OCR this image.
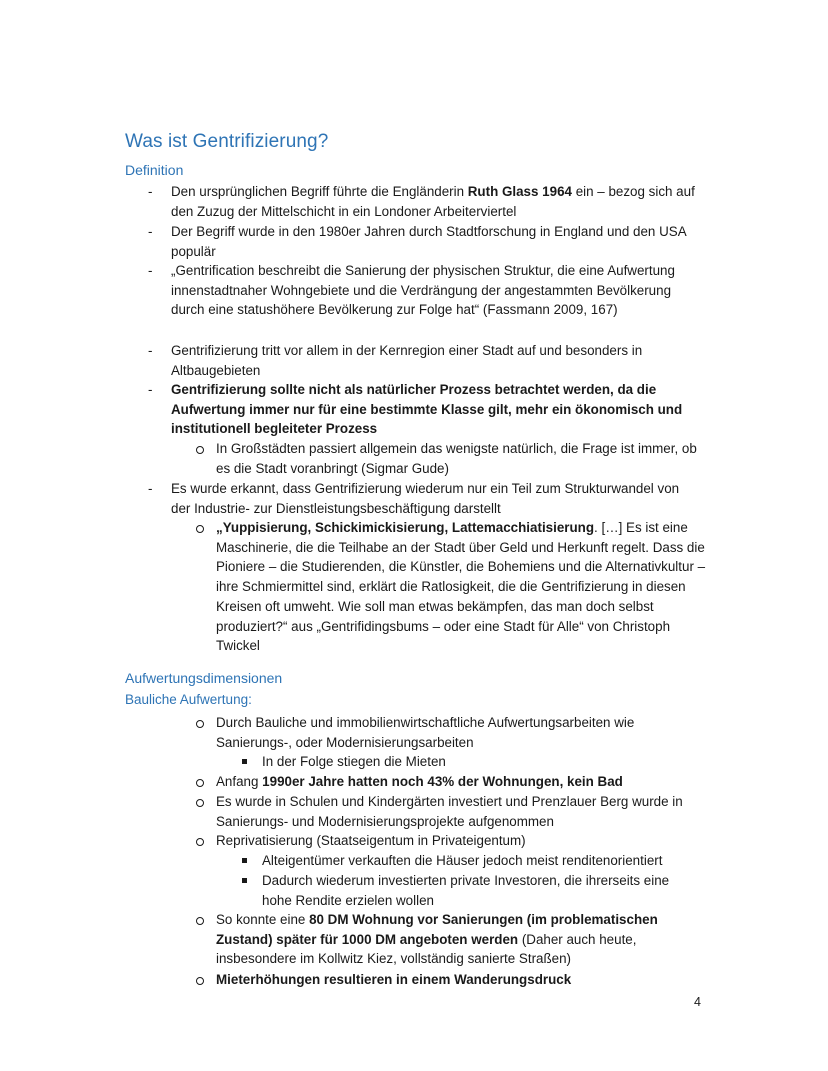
Was ist Gentrifizierung?
Definition
- Den ursprünglichen Begriff führte die Engländerin Ruth Glass 1964 ein – bezog sich auf den Zuzug der Mittelschicht in ein Londoner Arbeiterviertel
- Der Begriff wurde in den 1980er Jahren durch Stadtforschung in England und den USA populär
- „Gentrification beschreibt die Sanierung der physischen Struktur, die eine Aufwertung innenstadtnaher Wohngebiete und die Verdrängung der angestammten Bevölkerung durch eine statushöhere Bevölkerung zur Folge hat“ (Fassmann 2009, 167)
- Gentrifizierung tritt vor allem in der Kernregion einer Stadt auf und besonders in Altbaugebieten
- Gentrifizierung sollte nicht als natürlicher Prozess betrachtet werden, da die Aufwertung immer nur für eine bestimmte Klasse gilt, mehr ein ökonomisch und institutionell begleiteter Prozess
In Großstädten passiert allgemein das wenigste natürlich, die Frage ist immer, ob es die Stadt voranbringt (Sigmar Gude)
- Es wurde erkannt, dass Gentrifizierung wiederum nur ein Teil zum Strukturwandel von der Industrie- zur Dienstleistungsbeschäftigung darstellt
„Yuppisierung, Schickimickisierung, Lattemacchiatisierung. […] Es ist eine Maschinerie, die die Teilhabe an der Stadt über Geld und Herkunft regelt. Dass die Pioniere – die Studierenden, die Künstler, die Bohemiens und die Alternativkultur – ihre Schmiermittel sind, erklärt die Ratlosigkeit, die die Gentrifizierung in diesen Kreisen oft umweht. Wie soll man etwas bekämpfen, das man doch selbst produziert?“ aus „Gentrifidingsbums – oder eine Stadt für Alle“ von Christoph Twickel
Aufwertungsdimensionen
Bauliche Aufwertung:
Durch Bauliche und immobilienwirtschaftliche Aufwertungsarbeiten wie Sanierungs-, oder Modernisierungsarbeiten
In der Folge stiegen die Mieten
Anfang 1990er Jahre hatten noch 43% der Wohnungen, kein Bad
Es wurde in Schulen und Kindergärten investiert und Prenzlauer Berg wurde in Sanierungs- und Modernisierungsprojekte aufgenommen
Reprivatisierung (Staatseigentum in Privateigentum)
Alteigentümer verkauften die Häuser jedoch meist renditenorientiert
Dadurch wiederum investierten private Investoren, die ihrerseits eine hohe Rendite erzielen wollen
So konnte eine 80 DM Wohnung vor Sanierungen (im problematischen Zustand) später für 1000 DM angeboten werden (Daher auch heute, insbesondere im Kollwitz Kiez, vollständig sanierte Straßen)
Mieterhöhungen resultieren in einem Wanderungsdruck
4
